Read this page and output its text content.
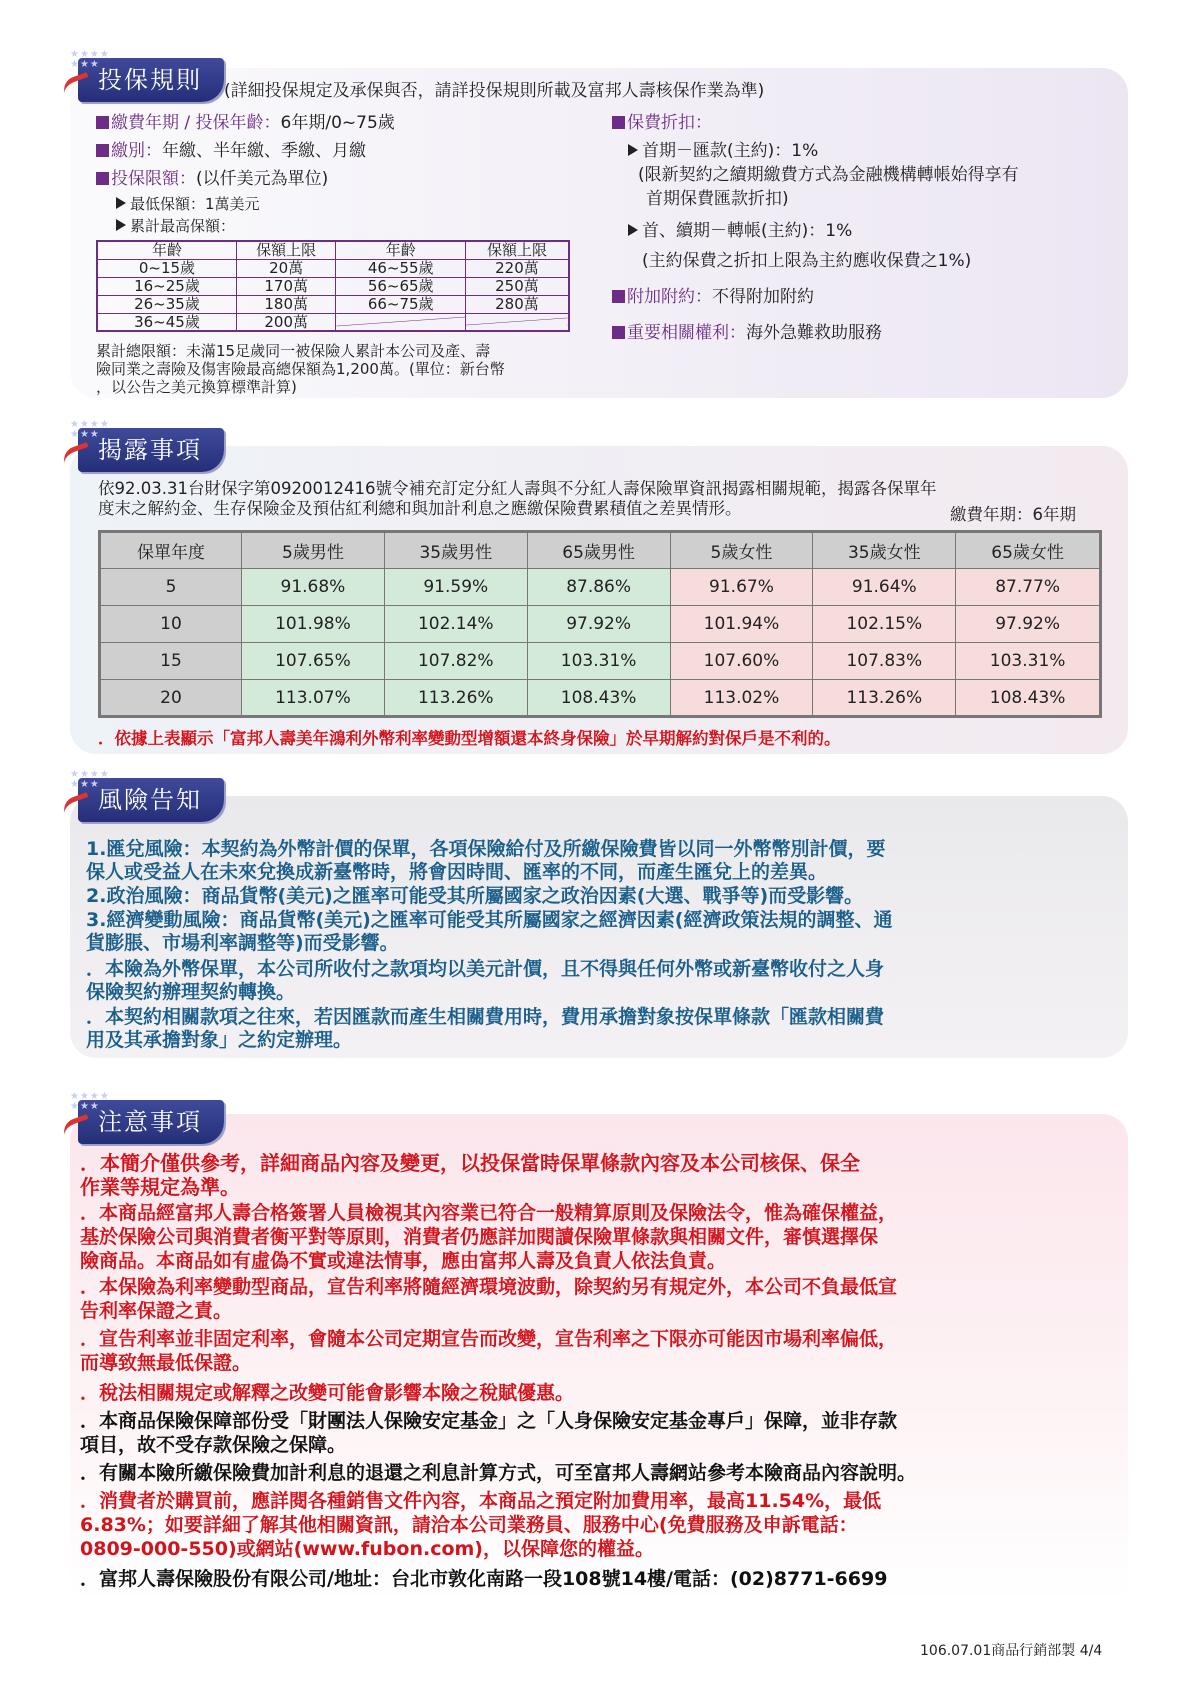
★★★★
★★★
投保規則	(詳細投保規定及承保與否，請詳投保規則所載及富邦人壽核保作業為準)
繳費年期 / 投保年齡：6年期/0~75歲
繳別：年繳、半年繳、季繳、月繳
投保限額：(以仟美元為單位)
最低保額：1萬美元
累計最高保額：
年齡	保額上限	年齡	保額上限
0~15歲	20萬	46~55歲	220萬
16~25歲	170萬	56~65歲	250萬
26~35歲	180萬	66~75歲	280萬
36~45歲	200萬		
累計總限額：未滿15足歲同一被保險人累計本公司及產、壽
險同業之壽險及傷害險最高總保額為1,200萬。(單位：新台幣
，以公告之美元換算標準計算)
保費折扣：
首期－匯款(主約)：1%
(限新契約之續期繳費方式為金融機構轉帳始得享有
首期保費匯款折扣)
首、續期－轉帳(主約)：1%
(主約保費之折扣上限為主約應收保費之1%)
附加附約：不得附加附約
重要相關權利：海外急難救助服務
★★★★
★★★
揭露事項
依92.03.31台財保字第0920012416號令補充訂定分紅人壽與不分紅人壽保險單資訊揭露相關規範，揭露各保單年
度末之解約金、生存保險金及預估紅利總和與加計利息之應繳保險費累積值之差異情形。	繳費年期：6年期
保單年度	5歲男性	35歲男性	65歲男性	5歲女性	35歲女性	65歲女性
5	91.68%	91.59%	87.86%	91.67%	91.64%	87.77%
10	101.98%	102.14%	97.92%	101.94%	102.15%	97.92%
15	107.65%	107.82%	103.31%	107.60%	107.83%	103.31%
20	113.07%	113.26%	108.43%	113.02%	113.26%	108.43%
．依據上表顯示「富邦人壽美年鴻利外幣利率變動型增額還本終身保險」於早期解約對保戶是不利的。
★★★★
★★★
風險告知
1.匯兌風險：本契約為外幣計價的保單，各項保險給付及所繳保險費皆以同一外幣幣別計價，要
保人或受益人在未來兌換成新臺幣時，將會因時間、匯率的不同，而產生匯兌上的差異。
2.政治風險：商品貨幣(美元)之匯率可能受其所屬國家之政治因素(大選、戰爭等)而受影響。
3.經濟變動風險：商品貨幣(美元)之匯率可能受其所屬國家之經濟因素(經濟政策法規的調整、通
貨膨脹、市場利率調整等)而受影響。
．本險為外幣保單，本公司所收付之款項均以美元計價，且不得與任何外幣或新臺幣收付之人身
保險契約辦理契約轉換。
．本契約相關款項之往來，若因匯款而產生相關費用時，費用承擔對象按保單條款「匯款相關費
用及其承擔對象」之約定辦理。
★★★★
★★★
注意事項
．本簡介僅供參考，詳細商品內容及變更，以投保當時保單條款內容及本公司核保、保全
作業等規定為準。
．本商品經富邦人壽合格簽署人員檢視其內容業已符合一般精算原則及保險法令，惟為確保權益，
基於保險公司與消費者衡平對等原則，消費者仍應詳加閱讀保險單條款與相關文件，審慎選擇保
險商品。本商品如有虛偽不實或違法情事，應由富邦人壽及負責人依法負責。
．本保險為利率變動型商品，宣告利率將隨經濟環境波動，除契約另有規定外，本公司不負最低宣
告利率保證之責。
．宣告利率並非固定利率，會隨本公司定期宣告而改變，宣告利率之下限亦可能因市場利率偏低，
而導致無最低保證。
．稅法相關規定或解釋之改變可能會影響本險之稅賦優惠。
．本商品保險保障部份受「財團法人保險安定基金」之「人身保險安定基金專戶」保障，並非存款
項目，故不受存款保險之保障。
．有關本險所繳保險費加計利息的退還之利息計算方式，可至富邦人壽網站參考本險商品內容說明。
．消費者於購買前，應詳閱各種銷售文件內容，本商品之預定附加費用率，最高11.54%，最低
6.83%；如要詳細了解其他相關資訊，請洽本公司業務員、服務中心(免費服務及申訴電話：
0809-000-550)或網站(www.fubon.com)，以保障您的權益。
．富邦人壽保險股份有限公司/地址：台北市敦化南路一段108號14樓/電話：(02)8771-6699
106.07.01商品行銷部製 4/4
